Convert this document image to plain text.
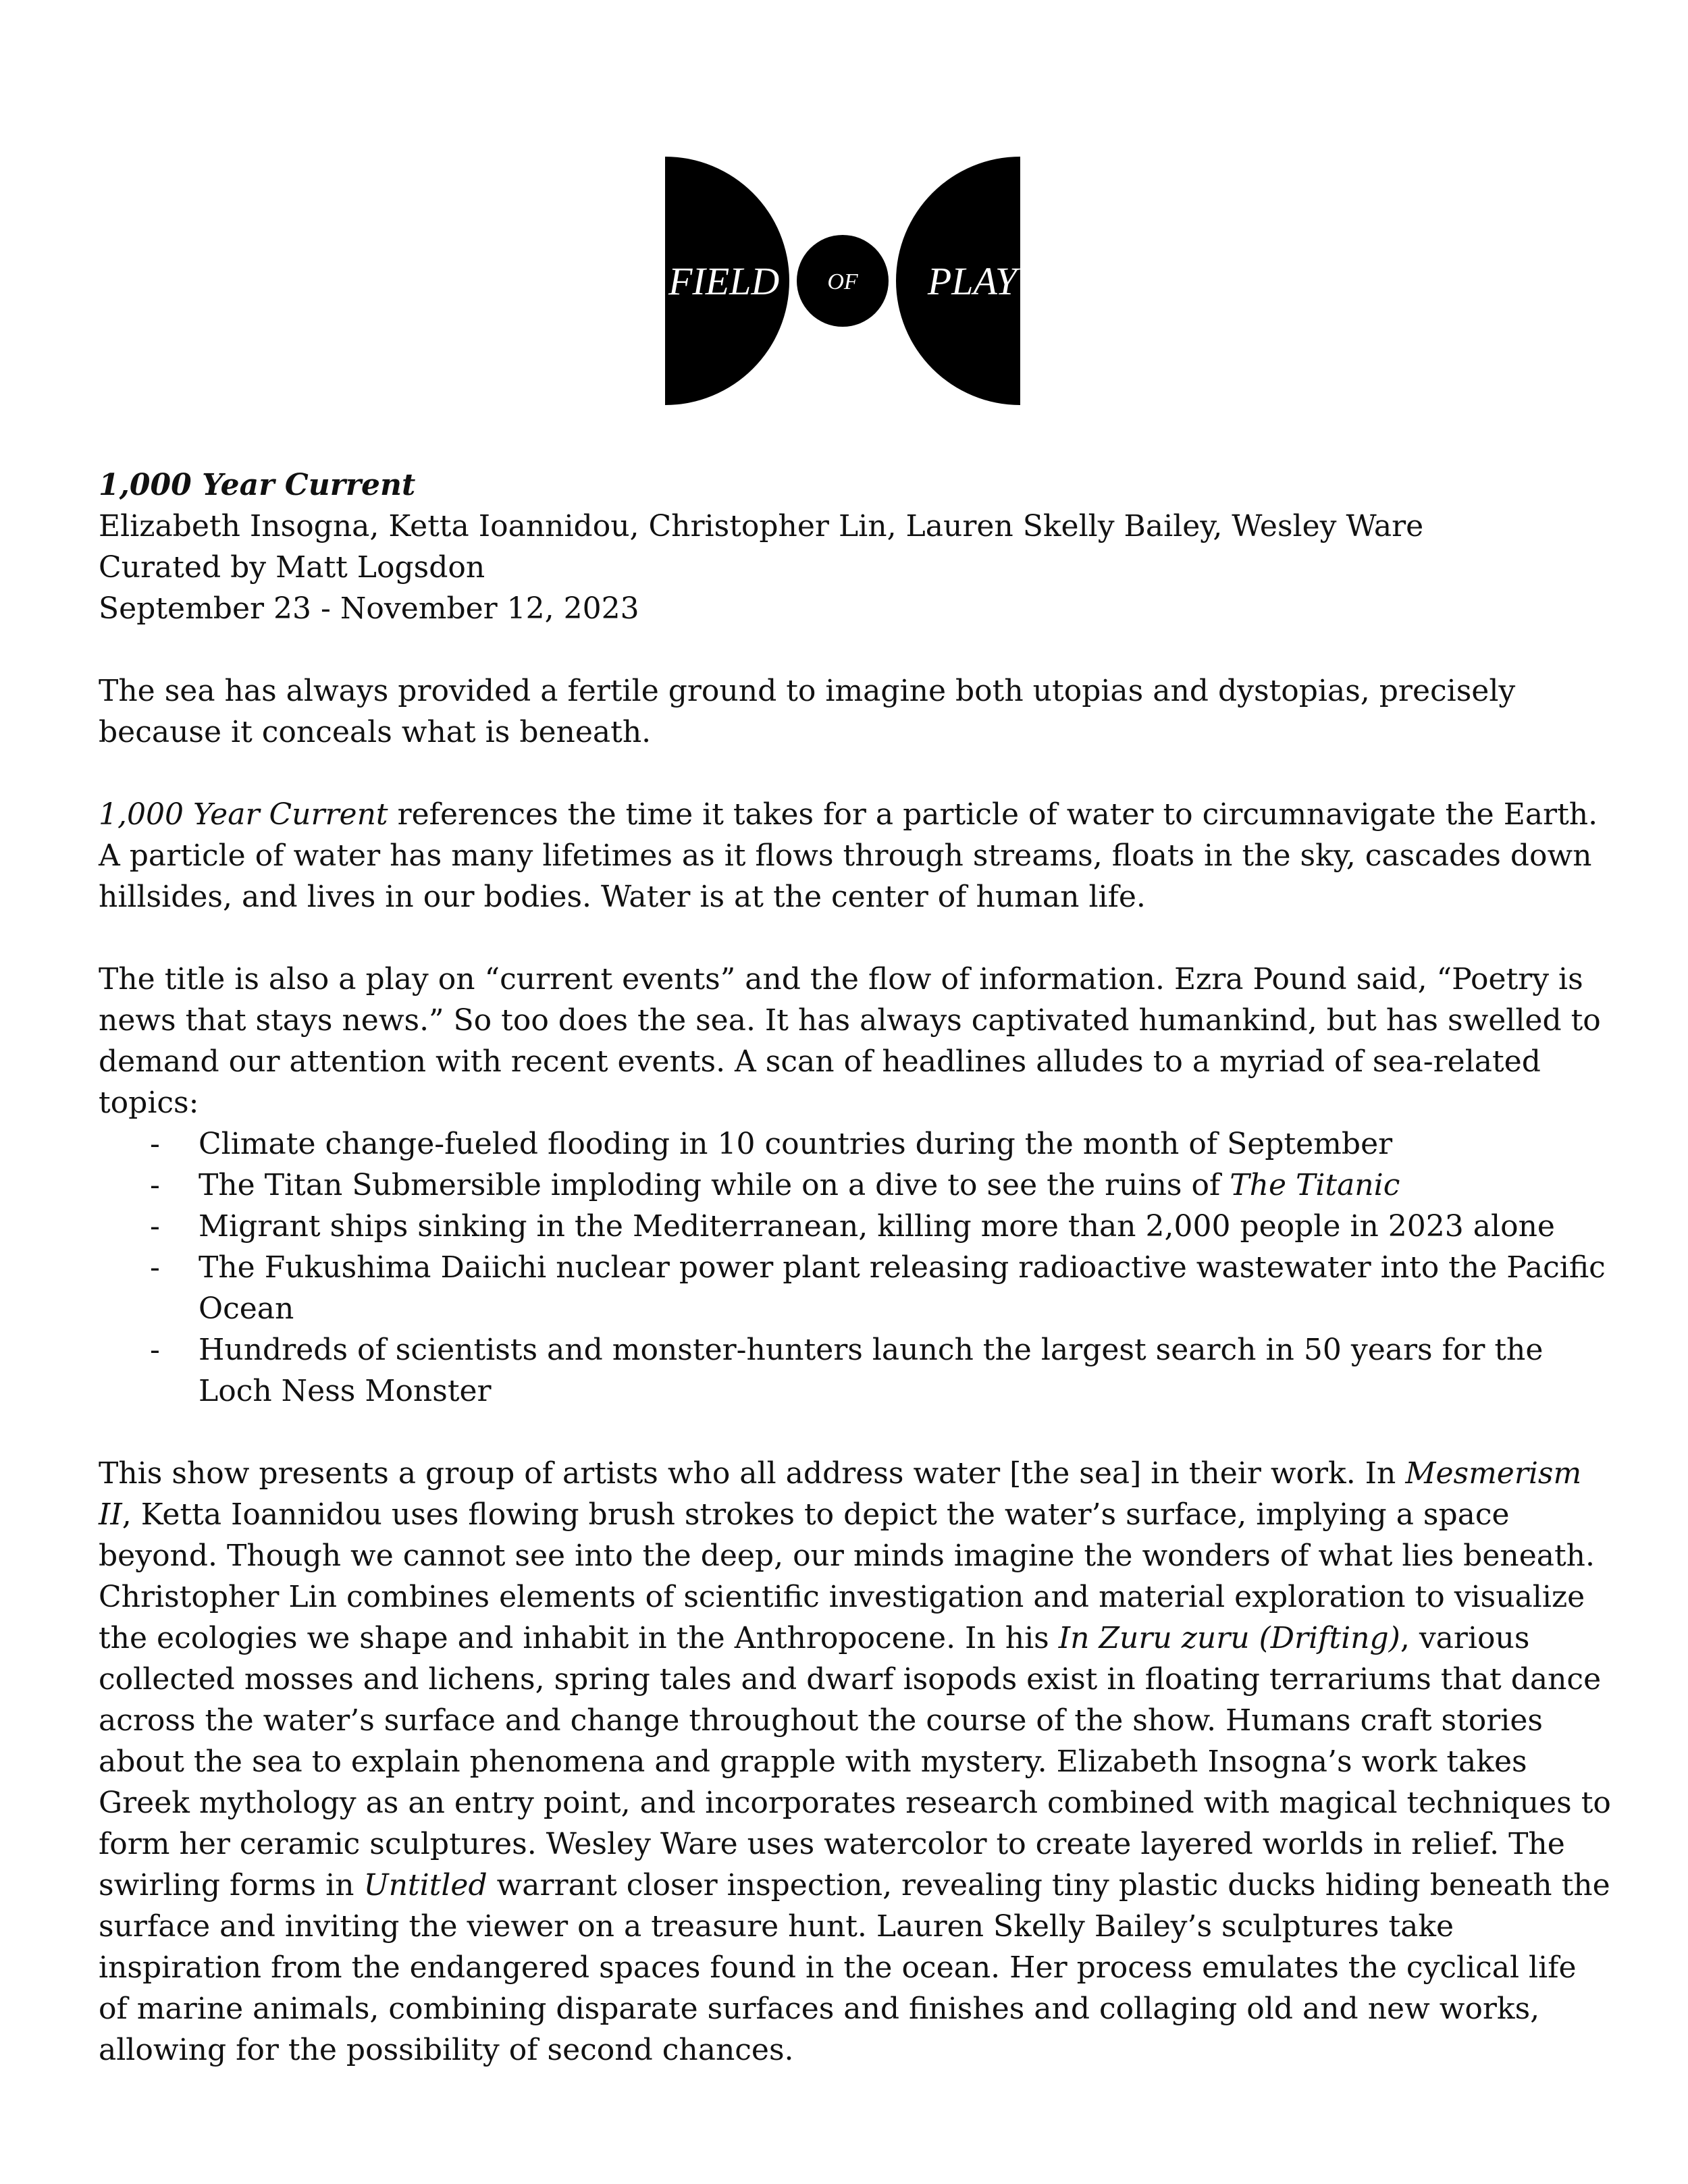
FIELD OF PLAY

1,000 Year Current

Elizabeth Insogna, Ketta Ioannidou, Christopher Lin, Lauren Skelly Bailey, Wesley Ware

Curated by Matt Logsdon

September 23 - November 12, 2023

The sea has always provided a fertile ground to imagine both utopias and dystopias, precisely because it conceals what is beneath.

1,000 Year Current references the time it takes for a particle of water to circumnavigate the Earth. A particle of water has many lifetimes as it flows through streams, floats in the sky, cascades down hillsides, and lives in our bodies. Water is at the center of human life.

The title is also a play on “current events” and the flow of information. Ezra Pound said, “Poetry is news that stays news.” So too does the sea. It has always captivated humankind, but has swelled to demand our attention with recent events. A scan of headlines alludes to a myriad of sea-related topics:

- Climate change-fueled flooding in 10 countries during the month of September
- The Titan Submersible imploding while on a dive to see the ruins of The Titanic
- Migrant ships sinking in the Mediterranean, killing more than 2,000 people in 2023 alone
- The Fukushima Daiichi nuclear power plant releasing radioactive wastewater into the Pacific Ocean
- Hundreds of scientists and monster-hunters launch the largest search in 50 years for the Loch Ness Monster

This show presents a group of artists who all address water [the sea] in their work. In Mesmerism II, Ketta Ioannidou uses flowing brush strokes to depict the water’s surface, implying a space beyond. Though we cannot see into the deep, our minds imagine the wonders of what lies beneath. Christopher Lin combines elements of scientific investigation and material exploration to visualize the ecologies we shape and inhabit in the Anthropocene. In his In Zuru zuru (Drifting), various collected mosses and lichens, spring tales and dwarf isopods exist in floating terrariums that dance across the water’s surface and change throughout the course of the show. Humans craft stories about the sea to explain phenomena and grapple with mystery. Elizabeth Insogna’s work takes Greek mythology as an entry point, and incorporates research combined with magical techniques to form her ceramic sculptures. Wesley Ware uses watercolor to create layered worlds in relief. The swirling forms in Untitled warrant closer inspection, revealing tiny plastic ducks hiding beneath the surface and inviting the viewer on a treasure hunt. Lauren Skelly Bailey’s sculptures take inspiration from the endangered spaces found in the ocean. Her process emulates the cyclical life of marine animals, combining disparate surfaces and finishes and collaging old and new works, allowing for the possibility of second chances.
